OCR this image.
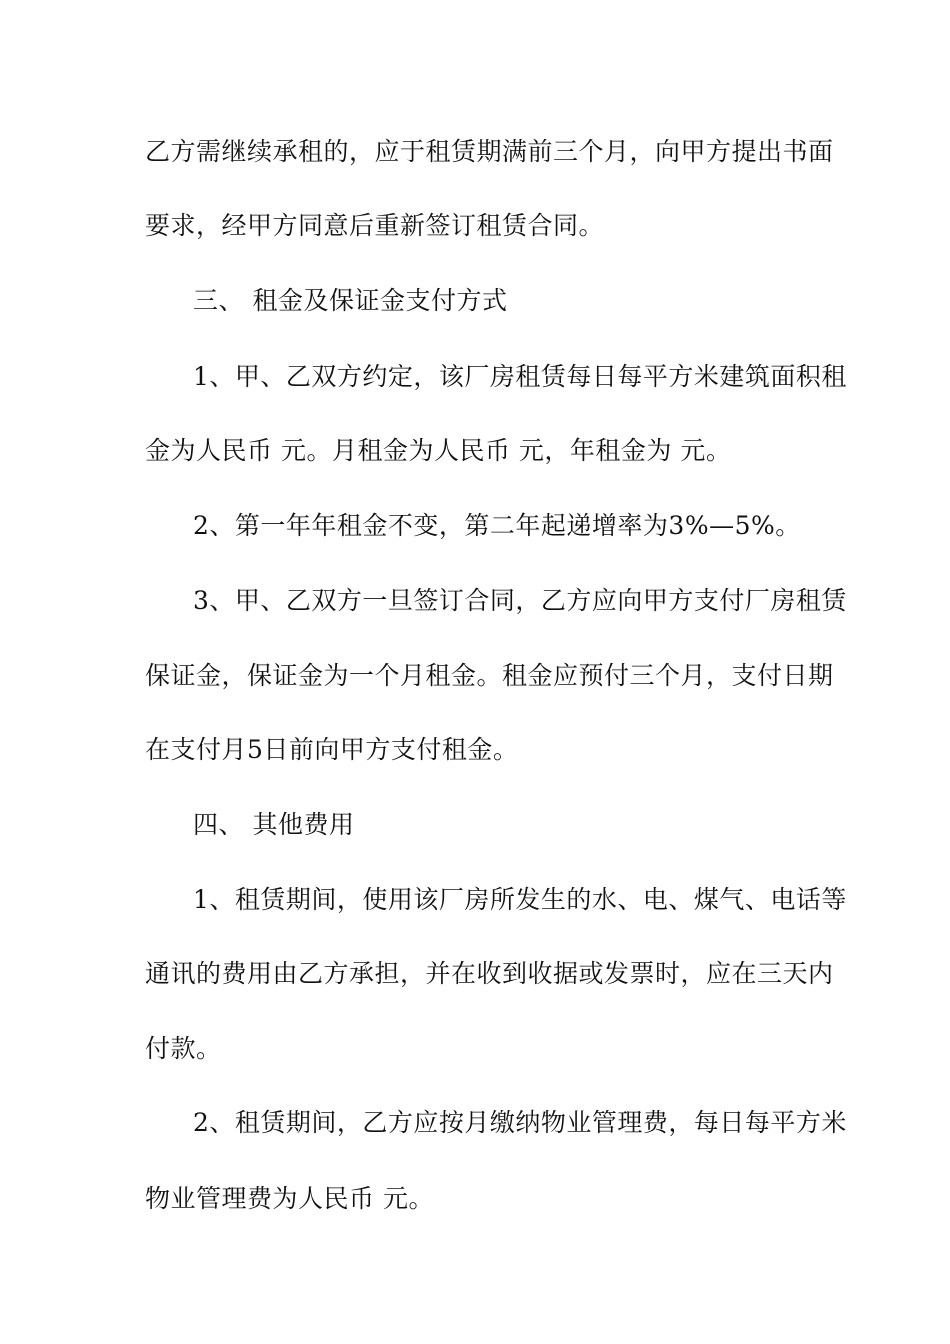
乙方需继续承租的，应于租赁期满前三个月，向甲方提出书面
要求，经甲方同意后重新签订租赁合同。
三、 租金及保证金支付方式
1、甲、乙双方约定，该厂房租赁每日每平方米建筑面积租
金为人民币 元。月租金为人民币 元，年租金为 元。
2、第一年年租金不变，第二年起递增率为3%—5%。
3、甲、乙双方一旦签订合同，乙方应向甲方支付厂房租赁
保证金，保证金为一个月租金。租金应预付三个月，支付日期
在支付月5日前向甲方支付租金。
四、 其他费用
1、租赁期间，使用该厂房所发生的水、电、煤气、电话等
通讯的费用由乙方承担，并在收到收据或发票时，应在三天内
付款。
2、租赁期间，乙方应按月缴纳物业管理费，每日每平方米
物业管理费为人民币 元。
